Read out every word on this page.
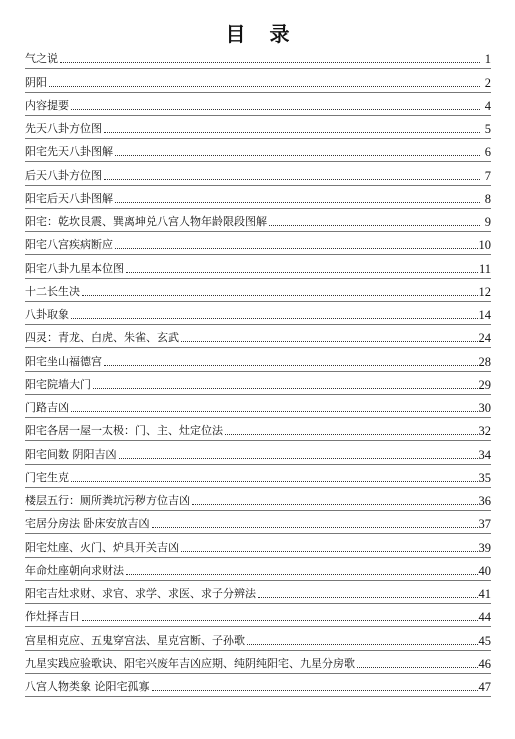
目 录
气之说	1
阴阳	2
内容提要	4
先天八卦方位图	5
阳宅先天八卦图解	6
后天八卦方位图	7
阳宅后天八卦图解	8
阳宅：乾坎艮震、巽离坤兑八宫人物年龄限段图解	9
阳宅八宫疾病断应	10
阳宅八卦九星本位图	11
十二长生决	12
八卦取象	14
四灵：青龙、白虎、朱雀、玄武	24
阳宅坐山福德宫	28
阳宅院墙大门	29
门路吉凶	30
阳宅各居一屋一太极：门、主、灶定位法	32
阳宅间数 阴阳吉凶	34
门宅生克	35
楼层五行：厕所粪坑污秽方位吉凶	36
宅居分房法 卧床安放吉凶	37
阳宅灶座、火门、炉具开关吉凶	39
年命灶座朝向求财法	40
阳宅吉灶求财、求官、求学、求医、求子分辨法	41
作灶择吉日	44
宫星相克应、五鬼穿宫法、星克宫断、子孙歌	45
九星实践应验歌诀、阳宅兴废年吉凶应期、纯阴纯阳宅、九星分房歌	46
八宫人物类象 论阳宅孤寡	47
